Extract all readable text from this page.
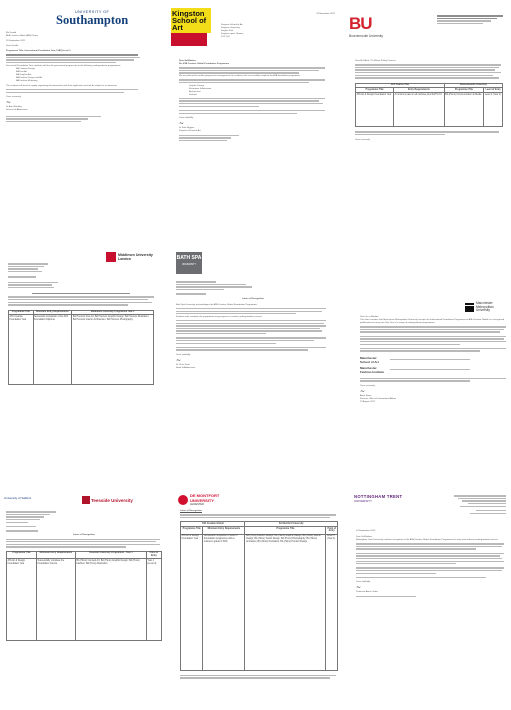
UNIVERSITY OF
Southampton
Ms Deadd
ATA Creative Global (ATA) China
18 September 2021
Dear Deadd,
Programme Title: International Foundation Year, FHEQ Level 3
Successful Foundation Year students will then be guaranteed progression to the following undergraduate programmes:
BA Creative Design
BA Fine Art
BA Graphic Arts
BA Fashion Design and Art
BA Fashion Marketing
The students will need to supply supporting documentation with their application and will be subject to an interview.
Yours sincerely,
~
Dr Ann Woodley
Director of Admissions
Kingston School of Art
24 November 2021
Kingston School of Art
Kingston University
Knights Park
Kingston upon Thames
KT1 2QJ
Dear Sir/Madam,
Re: ATA Creative Global Foundation Programme
We are pleased to confirm progression arrangements for students who successfully complete the ATA foundation programme.
Graphic Design
Illustration & Animation
Architecture
Fashion
Yours faithfully,
~
Dr Kate Higgins
Kingston School of Art
BU
Bournemouth University
Dear Mr Elbert / To Whom It May Concern
ATA Course Title		Bournemouth University	
Programme Title	Entry Requirements	Programme Title	Level of Entry
ATA Art & Design Foundation Year	A minimum pass in all modules plus IELTS 6.0	BA (Hons) Communication & Media	Level 4 (Year 1)
Yours sincerely,
Middlesex University London
Programme Title	Minimum Entry Requirements	Middlesex University Programme Year 1
ATA Creative Foundation Year	Successful completion of the ATA Foundation Diploma	BA Honours Fine Art; BA Honours Graphic Design; BA Honours Illustration; BA Honours Interior Architecture; BA Honours Photography
BATH SPA
UNIVERSITY
Letter of Recognition
Bath Spa University acknowledges the ATA Creative Global Foundation Programme.
Students who complete the programme may progress to creative undergraduate courses.
Yours faithfully,
~
Dr Chris Scott
Head of Admissions
Manchester Metropolitan University
Dear Sir or Madam
This letter confirms that Manchester Metropolitan University accepts the International Foundation Programme at ATA Creative Global as a recognised qualification for entry into Year One of a range of undergraduate programmes.
Manchester School of Art
Manchester Fashion Institute
Yours sincerely,
~
Anne Stone
Director, Office of International Affairs
22 August 2017
University of Salford	Teesside University
Letter of Recognition
Programme Title	Minimum Entry Requirements	Teesside University Programme - Year 1	Point of Entry
ATA Art & Design Foundation Year	Successfully complete the Foundation Course	BA (Hons) Concept Art; BA (Hons) Graphic Design; BA (Hons) Fashion; BA (Hons) Illustration	Year 1 (Level 4)
DE MONTFORT UNIVERSITY
LEICESTER
Letter of Recognition
ATA Creative Global		De Montfort University	
Programme Title	Minimum Entry Requirements	Programme Title	Point of Entry
ATA Art & Design Foundation Year	Successful completion of Level 3 Foundation programme with a minimum grade of 60%	BA (Hons) Fashion Design; BA (Hons) Graphic Design; BA (Hons) Interior Design; BA (Hons) Textile Design; BA (Hons) Photography; BA (Hons) Animation; BA (Hons) Illustration; BA (Hons) Product Design	Level 4 (Year 1)
NOTTINGHAM TRENT
UNIVERSITY
14 September 2020
Dear Sir/Madam
Nottingham Trent University confirms recognition of the ATA Creative Global Foundation Programme for entry onto relevant undergraduate courses.
Yours faithfully,
~
Professor Anne Clarke
